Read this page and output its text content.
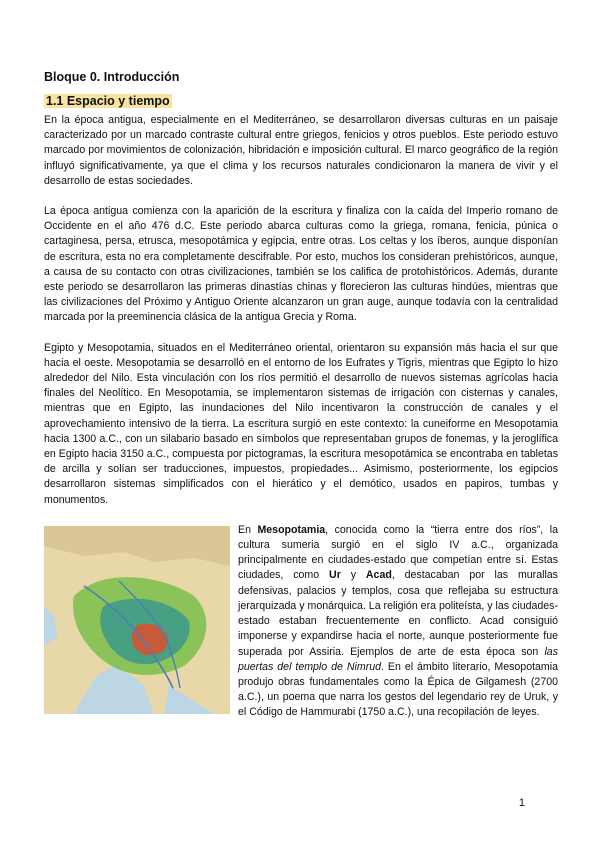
Bloque 0. Introducción
1.1 Espacio y tiempo

En la época antigua, especialmente en el Mediterráneo, se desarrollaron diversas culturas en un paisaje caracterizado por un marcado contraste cultural entre griegos, fenicios y otros pueblos. Este periodo estuvo marcado por movimientos de colonización, hibridación e imposición cultural. El marco geográfico de la región influyó significativamente, ya que el clima y los recursos naturales condicionaron la manera de vivir y el desarrollo de estas sociedades.

La época antigua comienza con la aparición de la escritura y finaliza con la caída del Imperio romano de Occidente en el año 476 d.C. Este periodo abarca culturas como la griega, romana, fenicia, púnica o cartaginesa, persa, etrusca, mesopotámica y egipcia, entre otras. Los celtas y los íberos, aunque disponían de escritura, esta no era completamente descifrable. Por esto, muchos los consideran prehistóricos, aunque, a causa de su contacto con otras civilizaciones, también se los califica de protohistóricos. Además, durante este periodo se desarrollaron las primeras dinastías chinas y florecieron las culturas hindúes, mientras que las civilizaciones del Próximo y Antiguo Oriente alcanzaron un gran auge, aunque todavía con la centralidad marcada por la preeminencia clásica de la antigua Grecia y Roma.

Egipto y Mesopotamia, situados en el Mediterráneo oriental, orientaron su expansión más hacia el sur que hacia el oeste. Mesopotamia se desarrolló en el entorno de los Eufrates y Tigris, mientras que Egipto lo hizo alrededor del Nilo. Esta vinculación con los ríos permitió el desarrollo de nuevos sistemas agrícolas hacia finales del Neolítico. En Mesopotamia, se implementaron sistemas de irrigación con cisternas y canales, mientras que en Egipto, las inundaciones del Nilo incentivaron la construcción de canales y el aprovechamiento intensivo de la tierra. La escritura surgió en este contexto: la cuneiforme en Mesopotamia hacia 1300 a.C., con un silabario basado en símbolos que representaban grupos de fonemas, y la jeroglífica en Egipto hacia 3150 a.C., compuesta por pictogramas, la escritura mesopotámica se encontraba en tabletas de arcilla y solían ser traducciones, impuestos, propiedades... Asimismo, posteriormente, los egipcios desarrollaron sistemas simplificados con el hierático y el demótico, usados en papiros, tumbas y monumentos.

En Mesopotamia, conocida como la “tierra entre dos ríos”, la cultura sumeria surgió en el siglo IV a.C., organizada principalmente en ciudades-estado que competían entre sí. Estas ciudades, como Ur y Acad, destacaban por las murallas defensivas, palacios y templos, cosa que reflejaba su estructura jerarquizada y monárquica. La religión era politeísta, y las ciudades-estado estaban frecuentemente en conflicto. Acad consiguió imponerse y expandirse hacia el norte, aunque posteriormente fue superada por Assiria. Ejemplos de arte de esta época son las puertas del templo de Nimrud. En el ámbito literario, Mesopotamia produjo obras fundamentales como la Épica de Gilgamesh (2700 a.C.), un poema que narra los gestos del legendario rey de Uruk, y el Código de Hammurabi (1750 a.C.), una recopilación de leyes.

1
